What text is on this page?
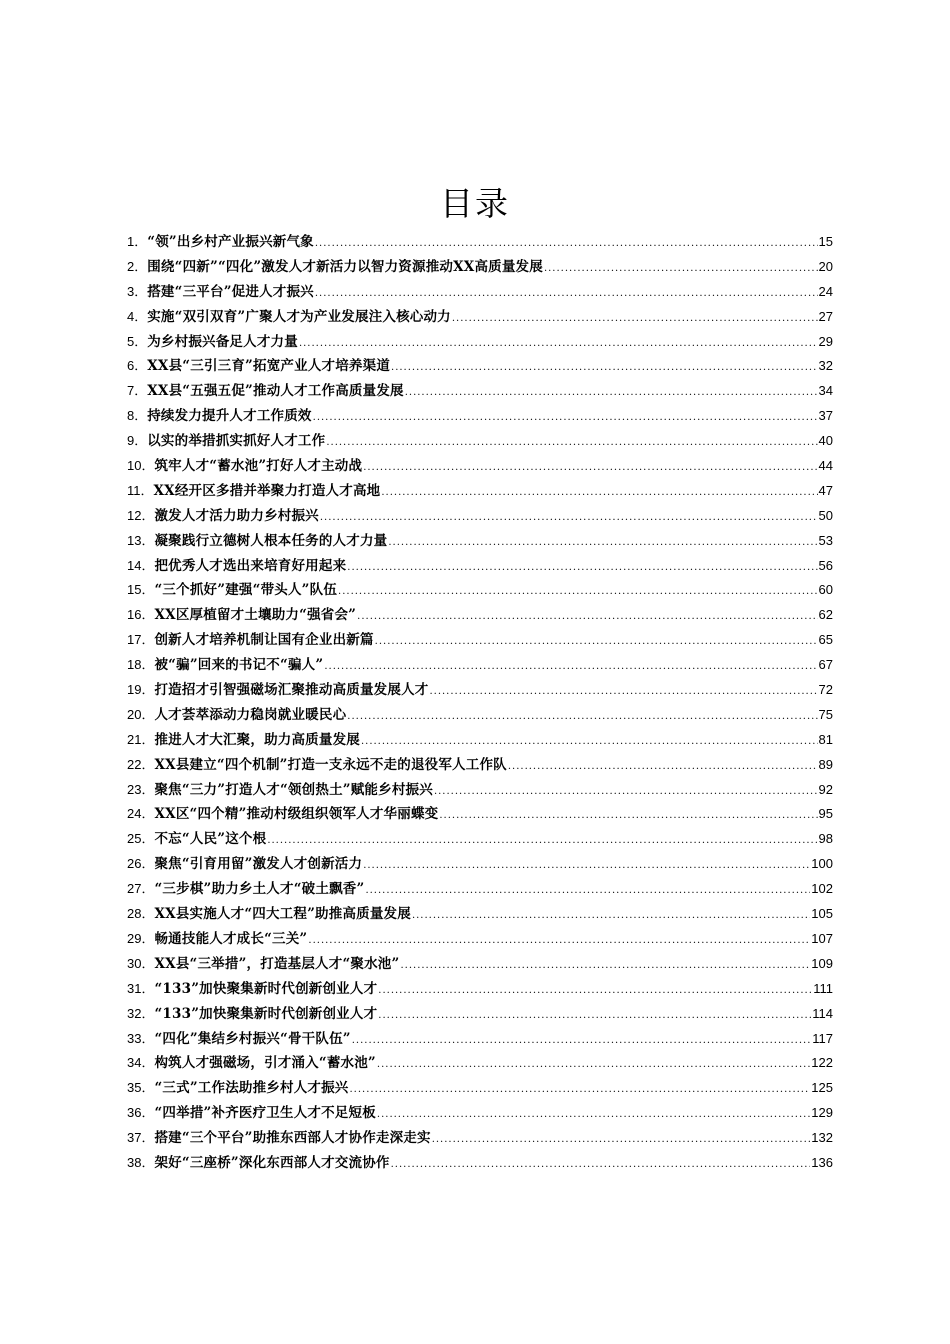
目录
1． “领”出乡村产业振兴新气象 .....	15
2． 围绕“四新”“四化”激发人才新活力以智力资源推动XX高质量发展 .....	20
3． 搭建“三平台”促进人才振兴 .....	24
4． 实施“双引双育”广聚人才为产业发展注入核心动力 .....	27
5． 为乡村振兴备足人才力量 .....	29
6． XX县“三引三育”拓宽产业人才培养渠道 .....	32
7． XX县“五强五促”推动人才工作高质量发展 .....	34
8． 持续发力提升人才工作质效 .....	37
9． 以实的举措抓实抓好人才工作 .....	40
10． 筑牢人才“蓄水池”打好人才主动战 .....	44
11． XX经开区多措并举聚力打造人才高地 .....	47
12． 激发人才活力助力乡村振兴 .....	50
13． 凝聚践行立德树人根本任务的人才力量 .....	53
14． 把优秀人才选出来培育好用起来 .....	56
15． “三个抓好”建强“带头人”队伍 .....	60
16． XX区厚植留才土壤助力“强省会” .....	62
17． 创新人才培养机制让国有企业出新篇 .....	65
18． 被“骗”回来的书记不“骗人” .....	67
19． 打造招才引智强磁场汇聚推动高质量发展人才 .....	72
20． 人才荟萃添动力稳岗就业暖民心 .....	75
21． 推进人才大汇聚，助力高质量发展 .....	81
22． XX县建立“四个机制”打造一支永远不走的退役军人工作队 .....	89
23． 聚焦“三力”打造人才“领创热土”赋能乡村振兴 .....	92
24． XX区“四个精”推动村级组织领军人才华丽蝶变 .....	95
25． 不忘“人民”这个根 .....	98
26． 聚焦“引育用留”激发人才创新活力 .....	100
27． “三步棋”助力乡土人才“破土飘香” .....	102
28． XX县实施人才“四大工程”助推高质量发展 .....	105
29． 畅通技能人才成长“三关” .....	107
30． XX县“三举措”，打造基层人才“聚水池” .....	109
31． “133”加快聚集新时代创新创业人才 .....	111
32． “133”加快聚集新时代创新创业人才 .....	114
33． “四化”集结乡村振兴“骨干队伍” .....	117
34． 构筑人才强磁场，引才涌入“蓄水池” .....	122
35． “三式”工作法助推乡村人才振兴 .....	125
36． “四举措”补齐医疗卫生人才不足短板 .....	129
37． 搭建“三个平台”助推东西部人才协作走深走实 .....	132
38． 架好“三座桥”深化东西部人才交流协作 .....	136
